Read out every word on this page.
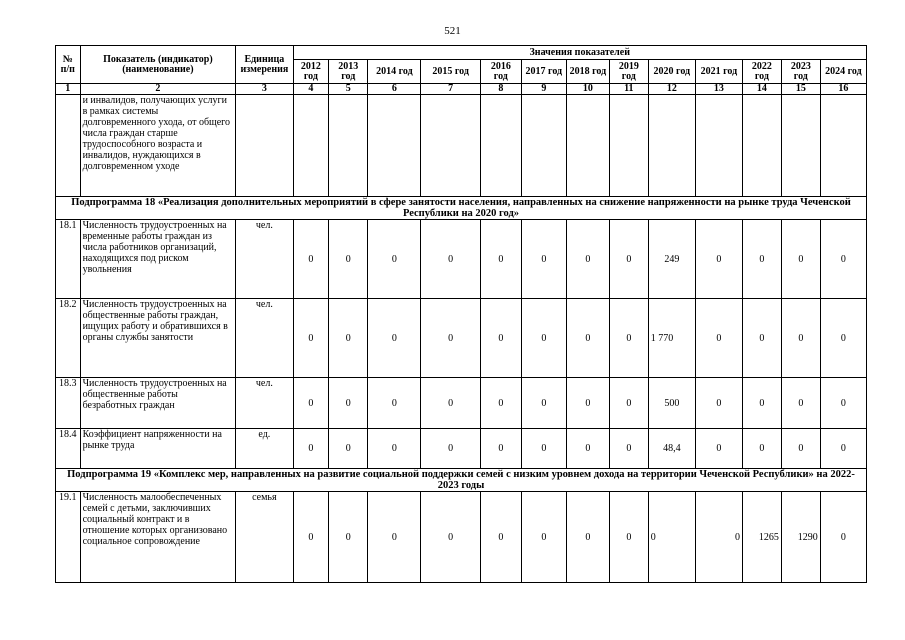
521
№ п/п	Показатель (индикатор) (наименование)	Единица измерения	Значения показателей												
			2012 год	2013 год	2014 год	2015 год	2016 год	2017 год	2018 год	2019 год	2020 год	2021 год	2022 год	2023 год	2024 год
1	2	3	4	5	6	7	8	9	10	11	12	13	14	15	16
	и инвалидов, получающих услуги в рамках системы долговременного ухода, от общего числа граждан старше трудоспособного возраста и инвалидов, нуждающихся в долговременном уходе														
Подпрограмма 18 «Реализация дополнительных мероприятий в сфере занятости населения, направленных на снижение напряженности на рынке труда Чеченской Республики на 2020 год»															
18.1	Численность трудоустроенных на временные работы граждан из числа работников организаций, находящихся под риском увольнения	чел.	0	0	0	0	0	0	0	0	249	0	0	0	0
18.2	Численность трудоустроенных на общественные работы граждан, ищущих работу и обратившихся в органы службы занятости	чел.	0	0	0	0	0	0	0	0	1 770	0	0	0	0
18.3	Численность трудоустроенных на общественные работы безработных граждан	чел.	0	0	0	0	0	0	0	0	500	0	0	0	0
18.4	Коэффициент напряженности на рынке труда	ед.	0	0	0	0	0	0	0	0	48,4	0	0	0	0
Подпрограмма 19 «Комплекс мер, направленных на развитие социальной поддержки семей с низким уровнем дохода на территории Чеченской Республики» на 2022-2023 годы															
19.1	Численность малообеспеченных семей с детьми, заключивших социальный контракт и в отношение которых организовано социальное сопровождение	семья	0	0	0	0	0	0	0	0	0	0	1265	1290	0
